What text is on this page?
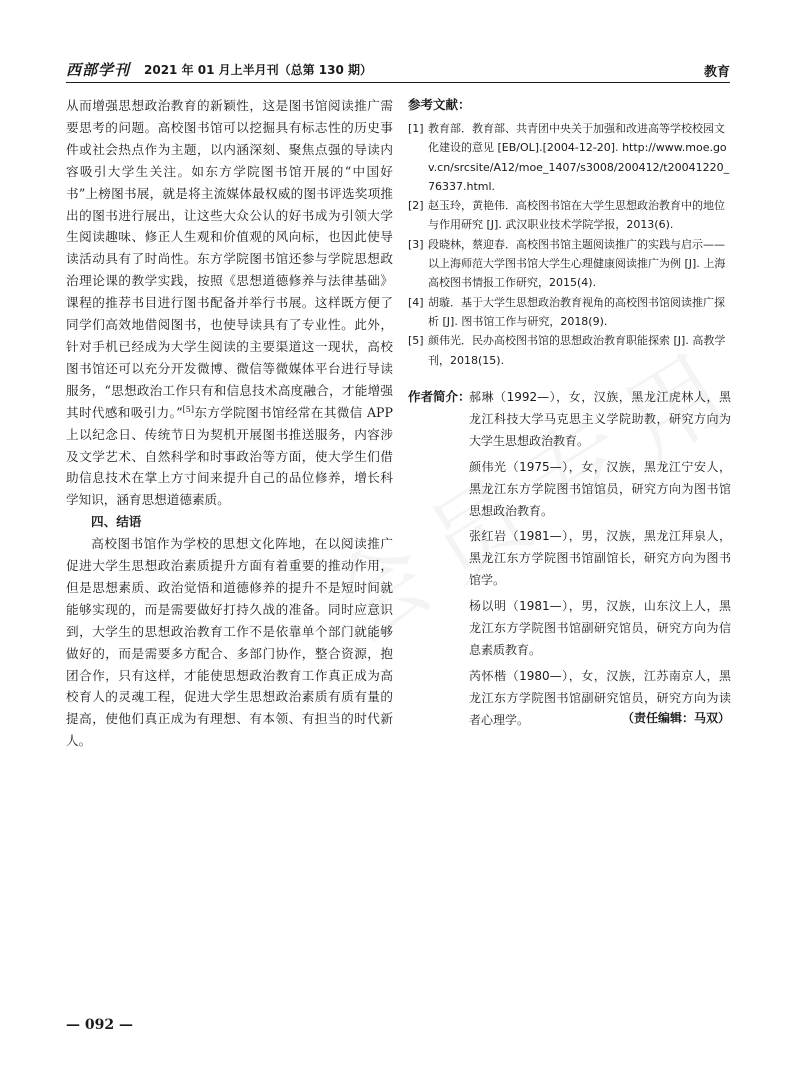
西部学刊 2021 年 01 月上半月刊（总第 130 期）	教育

从而增强思想政治教育的新颖性，这是图书馆阅读推广需要思考的问题。高校图书馆可以挖掘具有标志性的历史事件或社会热点作为主题，以内涵深刻、聚焦点强的导读内容吸引大学生关注。如东方学院图书馆开展的“中国好书”上榜图书展，就是将主流媒体最权威的图书评选奖项推出的图书进行展出，让这些大众公认的好书成为引领大学生阅读趣味、修正人生观和价值观的风向标，也因此使导读活动具有了时尚性。东方学院图书馆还参与学院思想政治理论课的教学实践，按照《思想道德修养与法律基础》课程的推荐书目进行图书配备并举行书展。这样既方便了同学们高效地借阅图书，也使导读具有了专业性。此外，针对手机已经成为大学生阅读的主要渠道这一现状，高校图书馆还可以充分开发微博、微信等微媒体平台进行导读服务，“思想政治工作只有和信息技术高度融合，才能增强其时代感和吸引力。”[5]东方学院图书馆经常在其微信 APP 上以纪念日、传统节日为契机开展图书推送服务，内容涉及文学艺术、自然科学和时事政治等方面，使大学生们借助信息技术在掌上方寸间来提升自己的品位修养，增长科学知识，涵育思想道德素质。

四、结语

高校图书馆作为学校的思想文化阵地，在以阅读推广促进大学生思想政治素质提升方面有着重要的推动作用，但是思想素质、政治觉悟和道德修养的提升不是短时间就能够实现的，而是需要做好打持久战的准备。同时应意识到，大学生的思想政治教育工作不是依靠单个部门就能够做好的，而是需要多方配合、多部门协作，整合资源，抱团合作，只有这样，才能使思想政治教育工作真正成为高校育人的灵魂工程，促进大学生思想政治素质有质有量的提高，使他们真正成为有理想、有本领、有担当的时代新人。

参考文献：

[1] 教育部．教育部、共青团中央关于加强和改进高等学校校园文化建设的意见 [EB/OL].[2004-12-20]. http://www.moe.gov.cn/srcsite/A12/moe_1407/s3008/200412/t20041220_76337.html.
[2] 赵玉玲，黄艳伟．高校图书馆在大学生思想政治教育中的地位与作用研究 [J]. 武汉职业技术学院学报，2013(6).
[3] 段晓林，蔡迎春．高校图书馆主题阅读推广的实践与启示——以上海师范大学图书馆大学生心理健康阅读推广为例 [J]. 上海高校图书情报工作研究，2015(4).
[4] 胡璇．基于大学生思想政治教育视角的高校图书馆阅读推广探析 [J]. 图书馆工作与研究，2018(9).
[5] 颜伟光．民办高校图书馆的思想政治教育职能探索 [J]. 高教学刊，2018(15).
作者简介：
郝琳（1992—），女，汉族，黑龙江虎林人，黑龙江科技大学马克思主义学院助教，研究方向为大学生思想政治教育。
颜伟光（1975—），女，汉族，黑龙江宁安人，黑龙江东方学院图书馆馆员，研究方向为图书馆思想政治教育。
张红岩（1981—），男，汉族，黑龙江拜泉人，黑龙江东方学院图书馆副馆长，研究方向为图书馆学。
杨以明（1981—），男，汉族，山东汶上人，黑龙江东方学院图书馆副研究馆员，研究方向为信息素质教育。
芮怀楷（1980—），女，汉族，江苏南京人，黑龙江东方学院图书馆副研究馆员，研究方向为读者心理学。	（责任编辑：马双）
— 092 —
